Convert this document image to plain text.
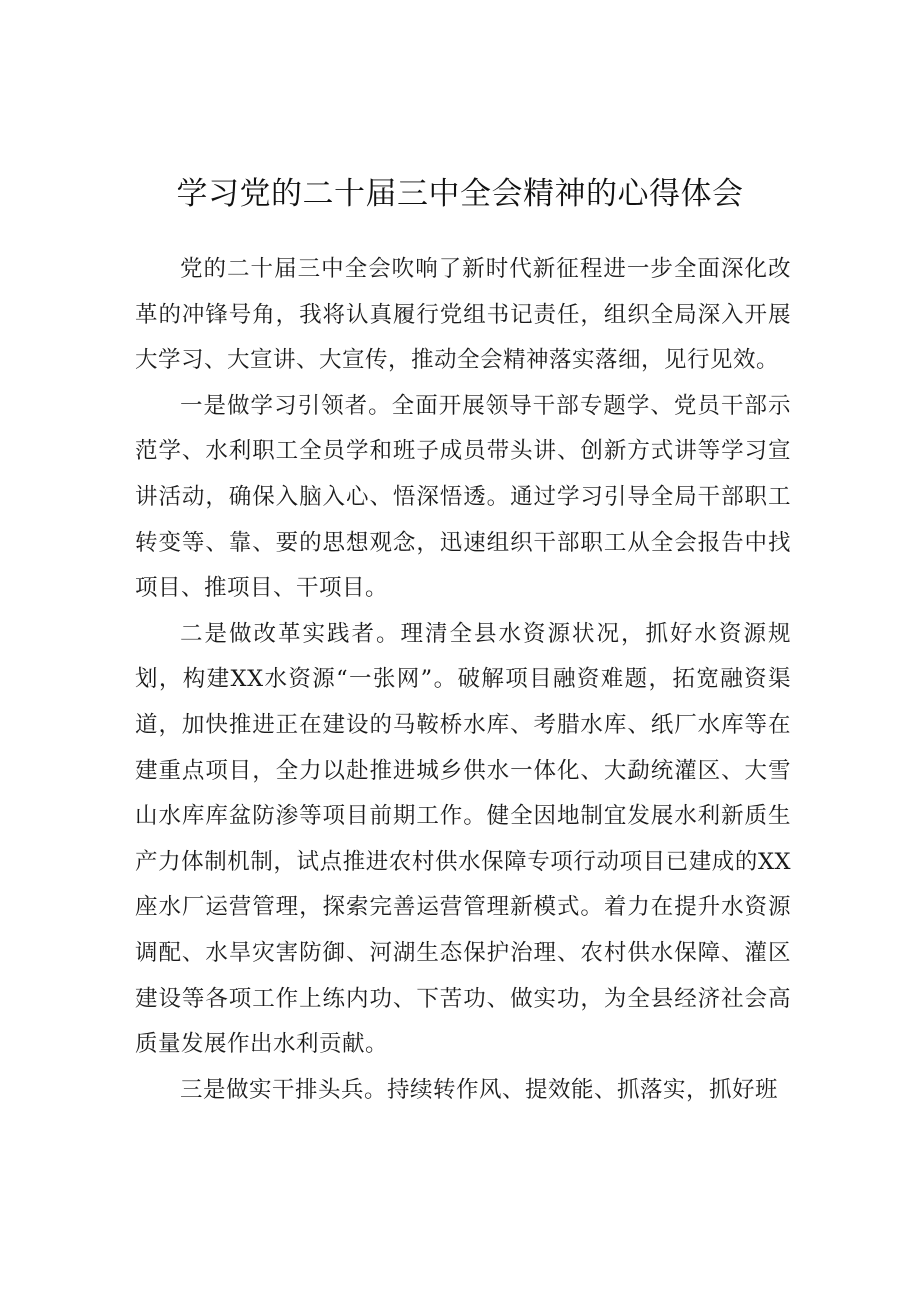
学习党的二十届三中全会精神的心得体会

党的二十届三中全会吹响了新时代新征程进一步全面深化改革的冲锋号角，我将认真履行党组书记责任，组织全局深入开展大学习、大宣讲、大宣传，推动全会精神落实落细，见行见效。

一是做学习引领者。全面开展领导干部专题学、党员干部示范学、水利职工全员学和班子成员带头讲、创新方式讲等学习宣讲活动，确保入脑入心、悟深悟透。通过学习引导全局干部职工转变等、靠、要的思想观念，迅速组织干部职工从全会报告中找项目、推项目、干项目。

二是做改革实践者。理清全县水资源状况，抓好水资源规划，构建XX水资源“一张网”。破解项目融资难题，拓宽融资渠道，加快推进正在建设的马鞍桥水库、考腊水库、纸厂水库等在建重点项目，全力以赴推进城乡供水一体化、大勐统灌区、大雪山水库库盆防渗等项目前期工作。健全因地制宜发展水利新质生产力体制机制，试点推进农村供水保障专项行动项目已建成的XX座水厂运营管理，探索完善运营管理新模式。着力在提升水资源调配、水旱灾害防御、河湖生态保护治理、农村供水保障、灌区建设等各项工作上练内功、下苦功、做实功，为全县经济社会高质量发展作出水利贡献。

三是做实干排头兵。持续转作风、提效能、抓落实，抓好班
